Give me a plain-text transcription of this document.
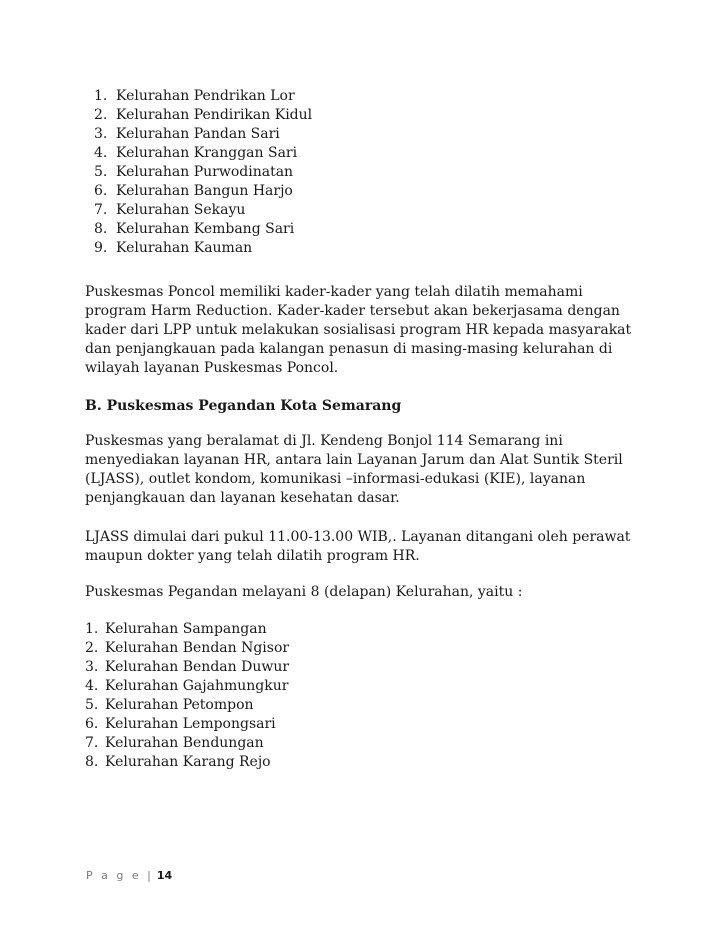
1. Kelurahan Pendrikan Lor
2. Kelurahan Pendirikan Kidul
3. Kelurahan Pandan Sari
4. Kelurahan Kranggan Sari
5. Kelurahan Purwodinatan
6. Kelurahan Bangun Harjo
7. Kelurahan Sekayu
8. Kelurahan Kembang Sari
9. Kelurahan Kauman

Puskesmas Poncol memiliki kader-kader yang telah dilatih memahami program Harm Reduction. Kader-kader tersebut akan bekerjasama dengan kader dari LPP untuk melakukan sosialisasi program HR kepada masyarakat dan penjangkauan pada kalangan penasun di masing-masing kelurahan di wilayah layanan Puskesmas Poncol.

B. Puskesmas Pegandan Kota Semarang

Puskesmas yang beralamat di Jl. Kendeng Bonjol 114 Semarang ini menyediakan layanan HR, antara lain Layanan Jarum dan Alat Suntik Steril (LJASS), outlet kondom, komunikasi –informasi-edukasi (KIE), layanan penjangkauan dan layanan kesehatan dasar.

LJASS dimulai dari pukul 11.00-13.00 WIB,. Layanan ditangani oleh perawat maupun dokter yang telah dilatih program HR.

Puskesmas Pegandan melayani 8 (delapan) Kelurahan, yaitu :

1. Kelurahan Sampangan
2. Kelurahan Bendan Ngisor
3. Kelurahan Bendan Duwur
4. Kelurahan Gajahmungkur
5. Kelurahan Petompon
6. Kelurahan Lempongsari
7. Kelurahan Bendungan
8. Kelurahan Karang Rejo
P a g e | 14
